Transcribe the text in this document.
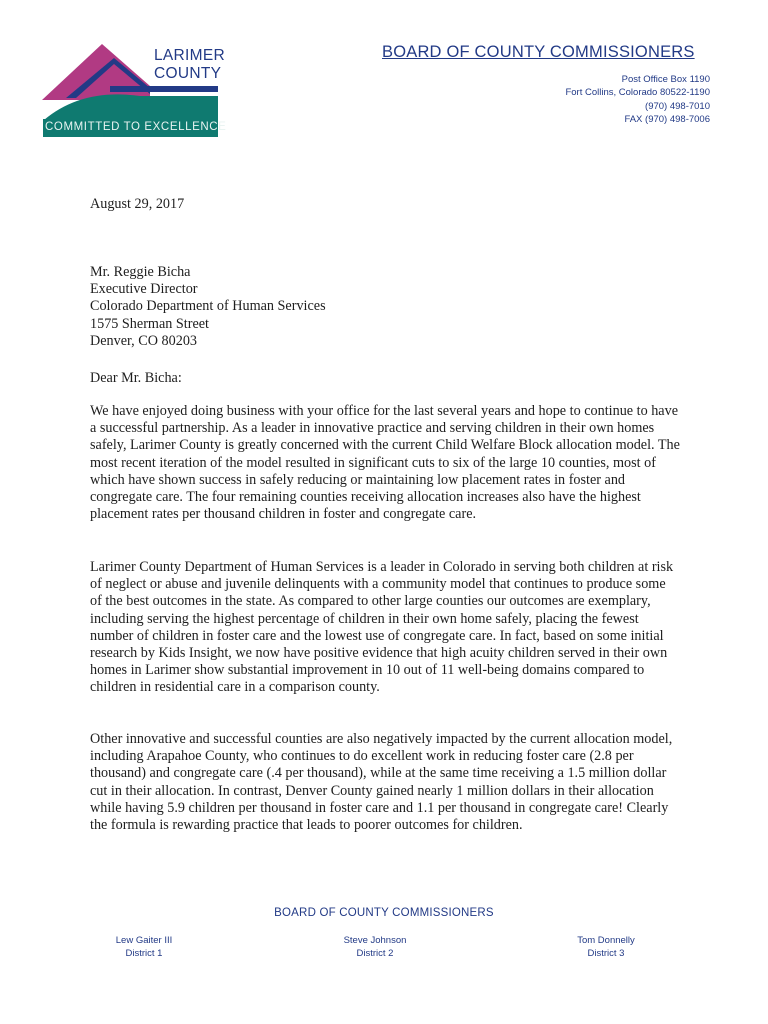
LARIMER
COUNTY
COMMITTED TO EXCELLENCE
BOARD OF COUNTY COMMISSIONERS
Post Office Box 1190
Fort Collins, Colorado 80522-1190
(970) 498-7010
FAX (970) 498-7006
August 29, 2017
Mr. Reggie Bicha
Executive Director
Colorado Department of Human Services
1575 Sherman Street
Denver, CO 80203
Dear Mr. Bicha:

We have enjoyed doing business with your office for the last several years and hope to continue to have a successful partnership. As a leader in innovative practice and serving children in their own homes safely, Larimer County is greatly concerned with the current Child Welfare Block allocation model. The most recent iteration of the model resulted in significant cuts to six of the large 10 counties, most of which have shown success in safely reducing or maintaining low placement rates in foster and congregate care. The four remaining counties receiving allocation increases also have the highest placement rates per thousand children in foster and congregate care.

Larimer County Department of Human Services is a leader in Colorado in serving both children at risk of neglect or abuse and juvenile delinquents with a community model that continues to produce some of the best outcomes in the state. As compared to other large counties our outcomes are exemplary, including serving the highest percentage of children in their own home safely, placing the fewest number of children in foster care and the lowest use of congregate care. In fact, based on some initial research by Kids Insight, we now have positive evidence that high acuity children served in their own homes in Larimer show substantial improvement in 10 out of 11 well-being domains compared to children in residential care in a comparison county.

Other innovative and successful counties are also negatively impacted by the current allocation model, including Arapahoe County, who continues to do excellent work in reducing foster care (2.8 per thousand) and congregate care (.4 per thousand), while at the same time receiving a 1.5 million dollar cut in their allocation. In contrast, Denver County gained nearly 1 million dollars in their allocation while having 5.9 children per thousand in foster care and 1.1 per thousand in congregate care! Clearly the formula is rewarding practice that leads to poorer outcomes for children.

BOARD OF COUNTY COMMISSIONERS
Lew Gaiter III
District 1
Steve Johnson
District 2
Tom Donnelly
District 3
